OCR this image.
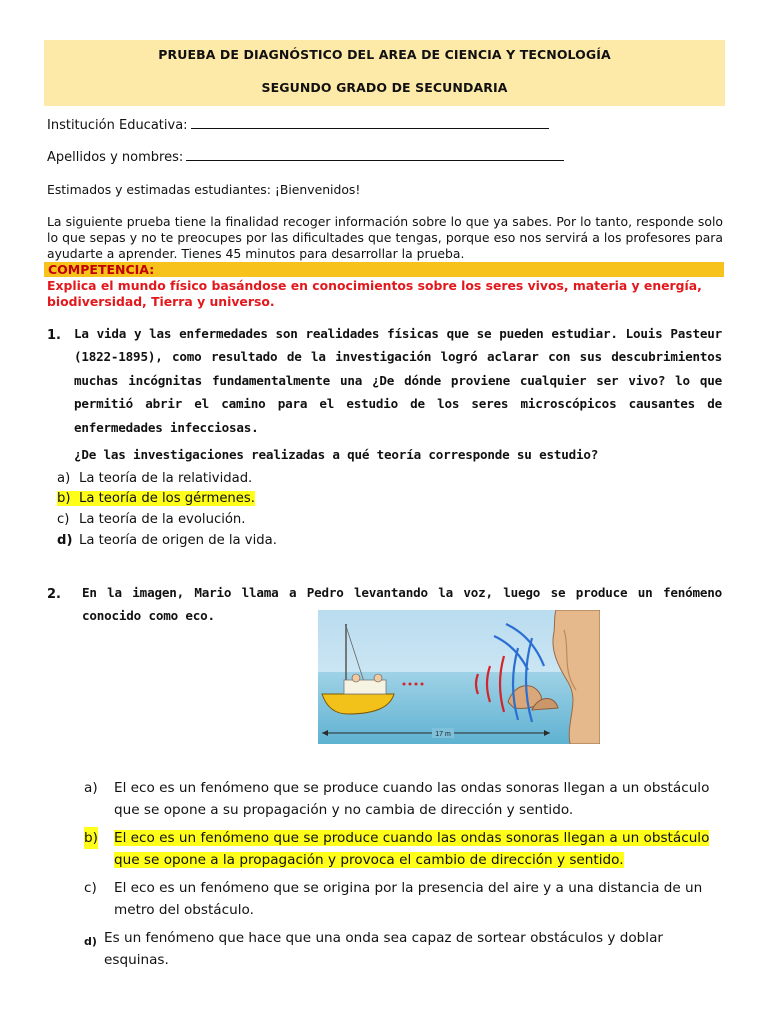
PRUEBA DE DIAGNÓSTICO DEL AREA DE CIENCIA Y TECNOLOGÍA
SEGUNDO GRADO DE SECUNDARIA
Institución Educativa:
Apellidos y nombres:
Estimados y estimadas estudiantes: ¡Bienvenidos!
La siguiente prueba tiene la finalidad recoger información sobre lo que ya sabes. Por lo tanto, responde solo lo que sepas y no te preocupes por las dificultades que tengas, porque eso nos servirá a los profesores para ayudarte a aprender. Tienes 45 minutos para desarrollar la prueba.
COMPETENCIA:
Explica el mundo físico basándose en conocimientos sobre los seres vivos, materia y energía, biodiversidad, Tierra y universo.
1. La vida y las enfermedades son realidades físicas que se pueden estudiar. Louis Pasteur (1822-1895), como resultado de la investigación logró aclarar con sus descubrimientos muchas incógnitas fundamentalmente una ¿De dónde proviene cualquier ser vivo? lo que permitió abrir el camino para el estudio de los seres microscópicos causantes de enfermedades infecciosas.
¿De las investigaciones realizadas a qué teoría corresponde su estudio?
a) La teoría de la relatividad.
b) La teoría de los gérmenes.
c) La teoría de la evolución.
d) La teoría de origen de la vida.
2. En la imagen, Mario llama a Pedro levantando la voz, luego se produce un fenómeno conocido como eco.
17 m
a) El eco es un fenómeno que se produce cuando las ondas sonoras llegan a un obstáculo que se opone a su propagación y no cambia de dirección y sentido.
b) El eco es un fenómeno que se produce cuando las ondas sonoras llegan a un obstáculo que se opone a la propagación y provoca el cambio de dirección y sentido.
c) El eco es un fenómeno que se origina por la presencia del aire y a una distancia de un metro del obstáculo.
d) Es un fenómeno que hace que una onda sea capaz de sortear obstáculos y doblar esquinas.
